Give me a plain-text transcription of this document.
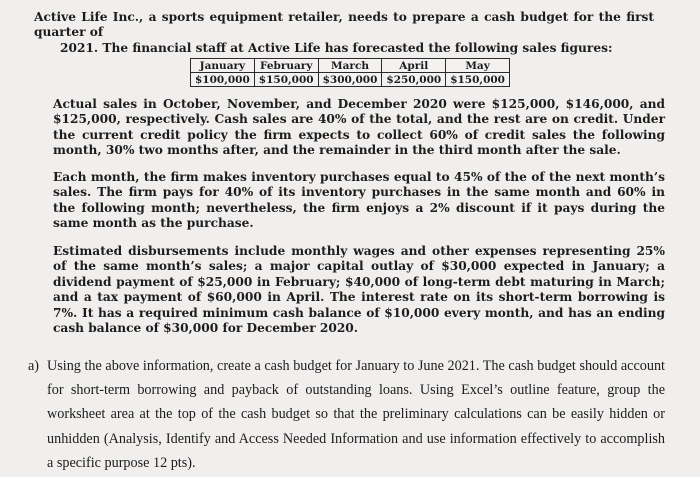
Active Life Inc., a sports equipment retailer, needs to prepare a cash budget for the first quarter of
2021. The financial staff at Active Life has forecasted the following sales figures:

January	February	March	April	May
$100,000	$150,000	$300,000	$250,000	$150,000

Actual sales in October, November, and December 2020 were $125,000, $146,000, and $125,000, respectively. Cash sales are 40% of the total, and the rest are on credit. Under the current credit policy the firm expects to collect 60% of credit sales the following month, 30% two months after, and the remainder in the third month after the sale.

Each month, the firm makes inventory purchases equal to 45% of the of the next month’s sales. The firm pays for 40% of its inventory purchases in the same month and 60% in the following month; nevertheless, the firm enjoys a 2% discount if it pays during the same month as the purchase.

Estimated disbursements include monthly wages and other expenses representing 25% of the same month’s sales; a major capital outlay of $30,000 expected in January; a dividend payment of $25,000 in February; $40,000 of long-term debt maturing in March; and a tax payment of $60,000 in April. The interest rate on its short-term borrowing is 7%. It has a required minimum cash balance of $10,000 every month, and has an ending cash balance of $30,000 for December 2020.

a) Using the above information, create a cash budget for January to June 2021. The cash budget should account for short-term borrowing and payback of outstanding loans. Using Excel’s outline feature, group the worksheet area at the top of the cash budget so that the preliminary calculations can be easily hidden or unhidden (Analysis, Identify and Access Needed Information and use information effectively to accomplish a specific purpose 12 pts).
